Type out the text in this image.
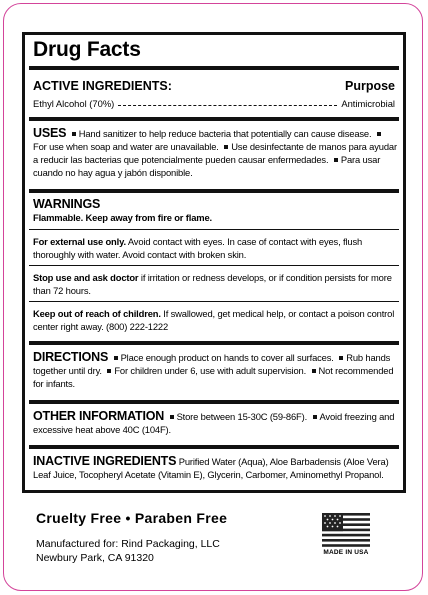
Drug Facts
ACTIVE INGREDIENTS:	Purpose
Ethyl Alcohol (70%)	Antimicrobial
USES Hand sanitizer to help reduce bacteria that potentially can cause disease. For use when soap and water are unavailable. Use desinfectante de manos para ayudar a reducir las bacterias que potencialmente pueden causar enfermedades. Para usar cuando no hay agua y jabón disponible.
WARNINGS
Flammable. Keep away from fire or flame.
For external use only. Avoid contact with eyes. In case of contact with eyes, flush thoroughly with water. Avoid contact with broken skin.
Stop use and ask doctor if irritation or redness develops, or if condition persists for more than 72 hours.
Keep out of reach of children. If swallowed, get medical help, or contact a poison control center right away. (800) 222-1222
DIRECTIONS Place enough product on hands to cover all surfaces. Rub hands together until dry. For children under 6, use with adult supervision. Not recommended for infants.
OTHER INFORMATION Store between 15-30C (59-86F). Avoid freezing and excessive heat above 40C (104F).
INACTIVE INGREDIENTS Purified Water (Aqua), Aloe Barbadensis (Aloe Vera) Leaf Juice, Tocopheryl Acetate (Vitamin E), Glycerin, Carbomer, Aminomethyl Propanol.
Cruelty Free • Paraben Free
Manufactured for: Rind Packaging, LLC
Newbury Park, CA 91320	MADE IN USA
